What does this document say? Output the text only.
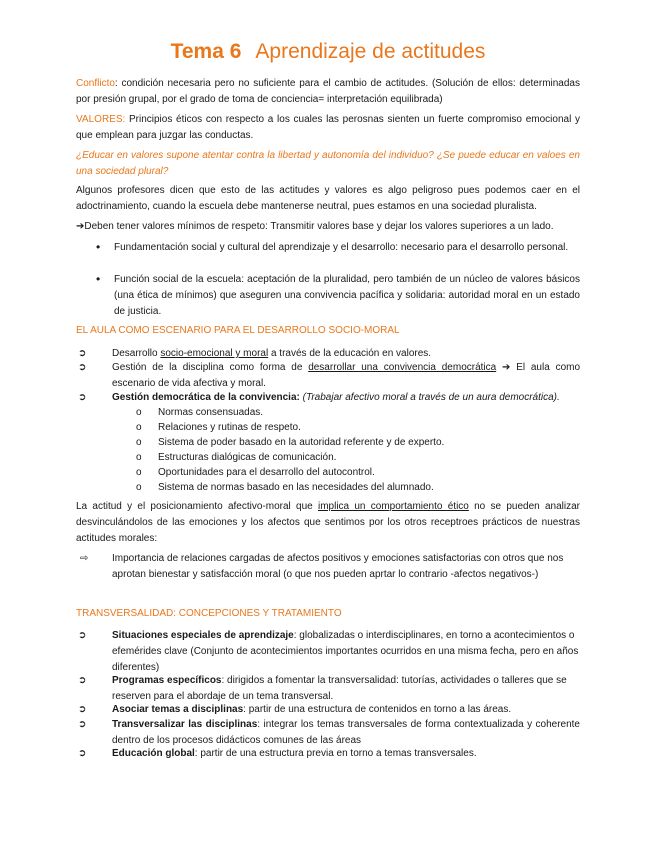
Tema 6 Aprendizaje de actitudes
Conflicto: condición necesaria pero no suficiente para el cambio de actitudes. (Solución de ellos: determinadas por presión grupal, por el grado de toma de conciencia= interpretación equilibrada)
VALORES: Principios éticos con respecto a los cuales las perosnas sienten un fuerte compromiso emocional y que emplean para juzgar las conductas.
¿Educar en valores supone atentar contra la libertad y autonomía del individuo? ¿Se puede educar en valoes en una sociedad plural?
Algunos profesores dicen que esto de las actitudes y valores es algo peligroso pues podemos caer en el adoctrinamiento, cuando la escuela debe mantenerse neutral, pues estamos en una sociedad pluralista.
➔Deben tener valores mínimos de respeto: Transmitir valores base y dejar los valores superiores a un lado.
•	Fundamentación social y cultural del aprendizaje y el desarrollo: necesario para el desarrollo personal.
•	Función social de la escuela: aceptación de la pluralidad, pero también de un núcleo de valores básicos (una ética de mínimos) que aseguren una convivencia pacífica y solidaria: autoridad moral en un estado de justicia.
EL AULA COMO ESCENARIO PARA EL DESARROLLO SOCIO-MORAL
➲	Desarrollo socio-emocional y moral a través de la educación en valores.
➲	Gestión de la disciplina como forma de desarrollar una convivencia democrática ➔ El aula como escenario de vida afectiva y moral.
➲	Gestión democrática de la convivencia: (Trabajar afectivo moral a través de un aura democrática).
o	Normas consensuadas.
o	Relaciones y rutinas de respeto.
o	Sistema de poder basado en la autoridad referente y de experto.
o	Estructuras dialógicas de comunicación.
o	Oportunidades para el desarrollo del autocontrol.
o	Sistema de normas basado en las necesidades del alumnado.
La actitud y el posicionamiento afectivo-moral que implica un comportamiento ético no se pueden analizar desvinculándolos de las emociones y los afectos que sentimos por los otros receptroes prácticos de nuestras actitudes morales:
⇨	Importancia de relaciones cargadas de afectos positivos y emociones satisfactorias con otros que nos aprotan bienestar y satisfacción moral (o que nos pueden aprtar lo contrario -afectos negativos-)
TRANSVERSALIDAD: CONCEPCIONES Y TRATAMIENTO
➲	Situaciones especiales de aprendizaje: globalizadas o interdisciplinares, en torno a acontecimientos o efemérides clave (Conjunto de acontecimientos importantes ocurridos en una misma fecha, pero en años diferentes)
➲	Programas específicos: dirigidos a fomentar la transversalidad: tutorías, actividades o talleres que se reserven para el abordaje de un tema transversal.
➲	Asociar temas a disciplinas: partir de una estructura de contenidos en torno a las áreas.
➲	Transversalizar las disciplinas: integrar los temas transversales de forma contextualizada y coherente dentro de los procesos didácticos comunes de las áreas
➲	Educación global: partir de una estructura previa en torno a temas transversales.
